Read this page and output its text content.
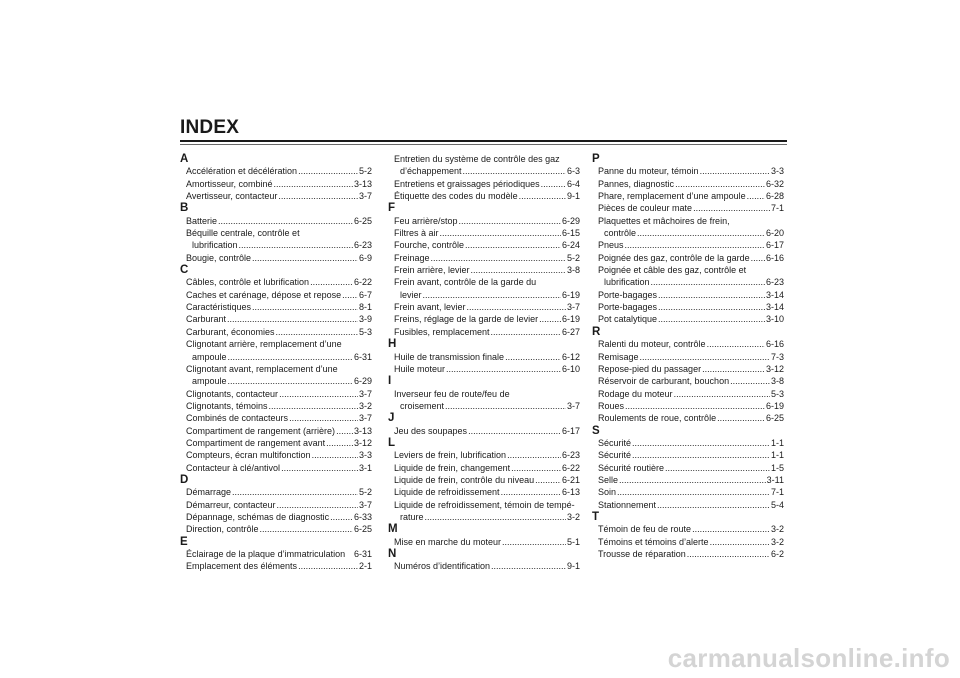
INDEX
A
Accélération et décélération .....	5-2
Amortisseur, combiné .....	3-13
Avertisseur, contacteur .....	3-7
B
Batterie .....	6-25
Béquille centrale, contrôle et
lubrification .....	6-23
Bougie, contrôle .....	6-9
C
Câbles, contrôle et lubrification .....	6-22
Caches et carénage, dépose et repose ..... 6-7
Caractéristiques .....	8-1
Carburant .....	3-9
Carburant, économies .....	5-3
Clignotant arrière, remplacement d’une
ampoule .....	6-31
Clignotant avant, remplacement d’une
ampoule .....	6-29
Clignotants, contacteur .....	3-7
Clignotants, témoins .....	3-2
Combinés de contacteurs .....	3-7
Compartiment de rangement (arrière) ..... 3-13
Compartiment de rangement avant .....	3-12
Compteurs, écran multifonction .....	3-3
Contacteur à clé/antivol .....	3-1
D
Démarrage .....	5-2
Démarreur, contacteur .....	3-7
Dépannage, schémas de diagnostic .....	6-33
Direction, contrôle .....	6-25
E
Éclairage de la plaque d’immatriculation 6-31
Emplacement des éléments .....	2-1
Entretien du système de contrôle des gaz
d’échappement .....	6-3
Entretiens et graissages périodiques .....	6-4
Étiquette des codes du modèle .....	9-1
F
Feu arrière/stop .....	6-29
Filtres à air .....	6-15
Fourche, contrôle .....	6-24
Freinage .....	5-2
Frein arrière, levier .....	3-8
Frein avant, contrôle de la garde du
levier .....	6-19
Frein avant, levier .....	3-7
Freins, réglage de la garde de levier .....	6-19
Fusibles, remplacement .....	6-27
H
Huile de transmission finale .....	6-12
Huile moteur .....	6-10
I
Inverseur feu de route/feu de
croisement .....	3-7
J
Jeu des soupapes .....	6-17
L
Leviers de frein, lubrification .....	6-23
Liquide de frein, changement .....	6-22
Liquide de frein, contrôle du niveau .....	6-21
Liquide de refroidissement .....	6-13
Liquide de refroidissement, témoin de tempé-
rature .....	3-2
M
Mise en marche du moteur .....	5-1
N
Numéros d’identification .....	9-1
P
Panne du moteur, témoin .....	3-3
Pannes, diagnostic .....	6-32
Phare, remplacement d’une ampoule ..... 6-28
Pièces de couleur mate .....	7-1
Plaquettes et mâchoires de frein,
contrôle .....	6-20
Pneus .....	6-17
Poignée des gaz, contrôle de la garde ..... 6-16
Poignée et câble des gaz, contrôle et
lubrification .....	6-23
Porte-bagages .....	3-14
Porte-bagages .....	3-14
Pot catalytique .....	3-10
R
Ralenti du moteur, contrôle .....	6-16
Remisage .....	7-3
Repose-pied du passager .....	3-12
Réservoir de carburant, bouchon .....	3-8
Rodage du moteur .....	5-3
Roues .....	6-19
Roulements de roue, contrôle .....	6-25
S
Sécurité .....	1-1
Sécurité .....	1-1
Sécurité routière .....	1-5
Selle .....	3-11
Soin .....	7-1
Stationnement .....	5-4
T
Témoin de feu de route .....	3-2
Témoins et témoins d’alerte .....	3-2
Trousse de réparation .....	6-2
carmanualsonline.info
